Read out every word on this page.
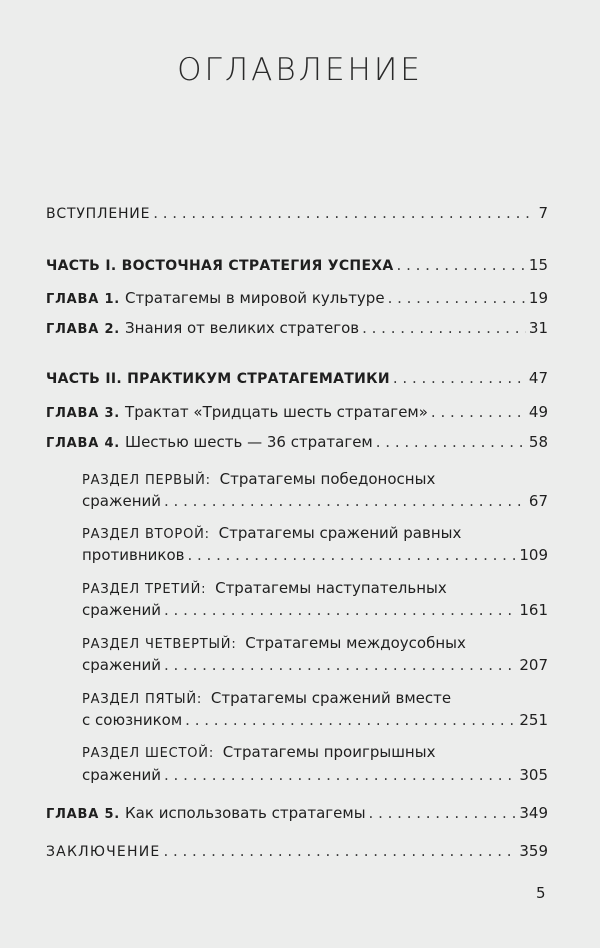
ОГЛАВЛЕНИЕ
ВСТУПЛЕНИЕ . . .	7
ЧАСТЬ I. ВОСТОЧНАЯ СТРАТЕГИЯ УСПЕХА . . .	15
ГЛАВА 1. Стратагемы в мировой культуре . . .	19
ГЛАВА 2. Знания от великих стратегов . . .	31
ЧАСТЬ II. ПРАКТИКУМ СТРАТАГЕМАТИКИ . . .	47
ГЛАВА 3. Трактат «Тридцать шесть стратагем» . . .	49
ГЛАВА 4. Шестью шесть — 36 стратагем . . .	58
РАЗДЕЛ ПЕРВЫЙ: Стратагемы победоносных
сражений . . .	67
РАЗДЕЛ ВТОРОЙ: Стратагемы сражений равных
противников . . .	109
РАЗДЕЛ ТРЕТИЙ: Стратагемы наступательных
сражений . . .	161
РАЗДЕЛ ЧЕТВЕРТЫЙ: Стратагемы междоусобных
сражений . . .	207
РАЗДЕЛ ПЯТЫЙ: Стратагемы сражений вместе
с союзником . . .	251
РАЗДЕЛ ШЕСТОЙ: Стратагемы проигрышных
сражений . . .	305
ГЛАВА 5. Как использовать стратагемы . . .	349
ЗАКЛЮЧЕНИЕ . . .	359
5
